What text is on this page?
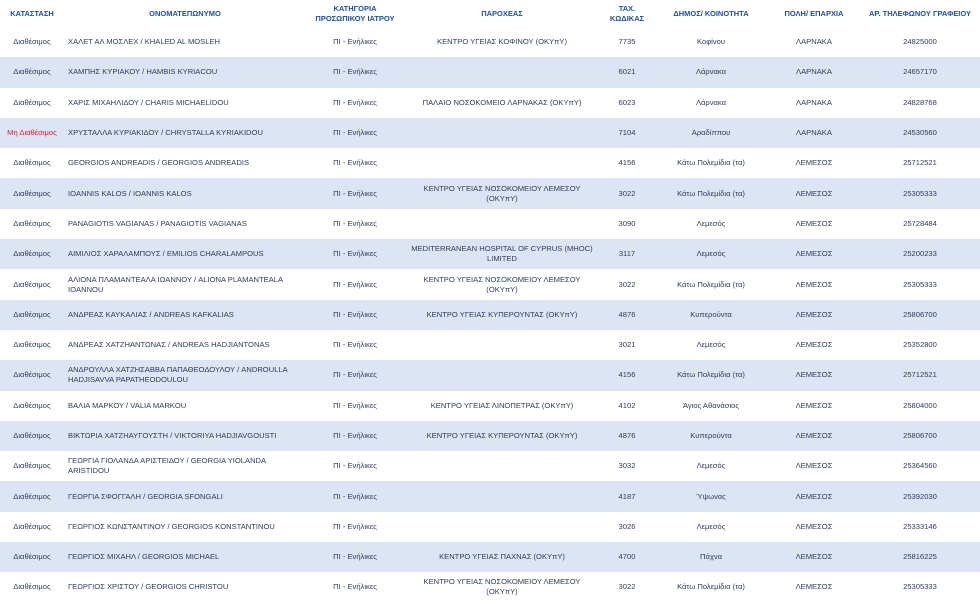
ΚΑΤΑΣΤΑΣΗ	ΟΝΟΜΑΤΕΠΩΝΥΜΟ	ΚΑΤΗΓΟΡΙΑ ΠΡΟΣΩΠΙΚΟΥ ΙΑΤΡΟΥ	ΠΑΡΟΧΕΑΣ	ΤΑΧ. ΚΩΔΙΚΑΣ	ΔΗΜΟΣ/ ΚΟΙΝΟΤΗΤΑ	ΠΟΛΗ/ ΕΠΑΡΧΙΑ	ΑΡ. ΤΗΛΕΦΩΝΟΥ ΓΡΑΦΕΙΟΥ
Διαθέσιμος	ΧΑΛΕΤ ΑΛ ΜΟΣΛΕΧ / KHALED AL MOSLEH	ΠΙ - Ενήλικες	ΚΕΝΤΡΟ ΥΓΕΙΑΣ ΚΟΦΙΝΟΥ (ΟΚΥπΥ)	7735	Κοφίνου	ΛΑΡΝΑΚΑ	24825000
Διαθέσιμος	ΧΑΜΠΗΣ ΚΥΡΙΑΚΟΥ / HAMBIS KYRIACOU	ΠΙ - Ενήλικες		6021	Λάρνακα	ΛΑΡΝΑΚΑ	24657170
Διαθέσιμος	ΧΑΡΙΣ ΜΙΧΑΗΛΙΔΟΥ / CHARIS MICHAELIDOU	ΠΙ - Ενήλικες	ΠΑΛΑΙΟ ΝΟΣΟΚΟΜΕΙΟ ΛΑΡΝΑΚΑΣ (ΟΚΥπΥ)	6023	Λάρνακα	ΛΑΡΝΑΚΑ	24828768
Μη Διαθέσιμος	ΧΡΥΣΤΑΛΛΑ ΚΥΡΙΑΚΙΔΟΥ / CHRYSTALLA KYRIAKIDOU	ΠΙ - Ενήλικες		7104	Αραδίππου	ΛΑΡΝΑΚΑ	24530560
Διαθέσιμος	GEORGIOS ANDREADIS / GEORGIOS ANDREADIS	ΠΙ - Ενήλικες		4156	Κάτω Πολεμίδια (τα)	ΛΕΜΕΣΟΣ	25712521
Διαθέσιμος	IOANNIS KALOS / IOANNIS KALOS	ΠΙ - Ενήλικες	ΚΕΝΤΡΟ ΥΓΕΙΑΣ ΝΟΣΟΚΟΜΕΙΟΥ ΛΕΜΕΣΟΥ (ΟΚΥπΥ)	3022	Κάτω Πολεμίδια (τα)	ΛΕΜΕΣΟΣ	25305333
Διαθέσιμος	PANAGIOTIS VAGIANAS / PANAGIOTIS VAGIANAS	ΠΙ - Ενήλικες		3090	Λεμεσός	ΛΕΜΕΣΟΣ	25728484
Διαθέσιμος	ΑΙΜΙΛΙΟΣ ΧΑΡΑΛΑΜΠΟΥΣ / EMILIOS CHARALAMPOUS	ΠΙ - Ενήλικες	MEDITERRANEAN HOSPITAL OF CYPRUS (MHOC) LIMITED	3117	Λεμεσός	ΛΕΜΕΣΟΣ	25200233
Διαθέσιμος	ΑΛΙΟΝΑ ΠΛΑΜΑΝΤΕΑΛΑ ΙΩΑΝΝΟΥ / ALIONA PLAMANTEALA IOANNOU	ΠΙ - Ενήλικες	ΚΕΝΤΡΟ ΥΓΕΙΑΣ ΝΟΣΟΚΟΜΕΙΟΥ ΛΕΜΕΣΟΥ (ΟΚΥπΥ)	3022	Κάτω Πολεμίδια (τα)	ΛΕΜΕΣΟΣ	25305333
Διαθέσιμος	ΑΝΔΡΕΑΣ ΚΑΥΚΑΛΙΑΣ / ANDREAS KAFKALIAS	ΠΙ - Ενήλικες	ΚΕΝΤΡΟ ΥΓΕΙΑΣ ΚΥΠΕΡΟΥΝΤΑΣ (ΟΚΥπΥ)	4876	Κυπερούντα	ΛΕΜΕΣΟΣ	25806700
Διαθέσιμος	ΑΝΔΡΕΑΣ ΧΑΤΖΗΑΝΤΩΝΑΣ / ANDREAS HADJIANTONAS	ΠΙ - Ενήλικες		3021	Λεμεσός	ΛΕΜΕΣΟΣ	25352800
Διαθέσιμος	ΑΝΔΡΟΥΛΛΑ ΧΑΤΖΗΣΑΒΒΑ ΠΑΠΑΘΕΟΔΟΥΛΟΥ / ANDROULLA HADJISAVVA PAPATHEODOULOU	ΠΙ - Ενήλικες		4156	Κάτω Πολεμίδια (τα)	ΛΕΜΕΣΟΣ	25712521
Διαθέσιμος	ΒΑΛΙΑ ΜΑΡΚΟΥ / VALIA MARKOU	ΠΙ - Ενήλικες	ΚΕΝΤΡΟ ΥΓΕΙΑΣ ΛΙΝΟΠΕΤΡΑΣ (ΟΚΥπΥ)	4102	Άγιος Αθανάσιος	ΛΕΜΕΣΟΣ	25804000
Διαθέσιμος	ΒΙΚΤΩΡΙΑ ΧΑΤΖΗΑΥΓΟΥΣΤΗ / VIKTORIYA HADJIAVGOUSTI	ΠΙ - Ενήλικες	ΚΕΝΤΡΟ ΥΓΕΙΑΣ ΚΥΠΕΡΟΥΝΤΑΣ (ΟΚΥπΥ)	4876	Κυπερούντα	ΛΕΜΕΣΟΣ	25806700
Διαθέσιμος	ΓΕΩΡΓΙΑ ΓΙΟΛΑΝΔΑ ΑΡΙΣΤΕΙΔΟΥ / GEORGIA YIOLANDA ARISTIDOU	ΠΙ - Ενήλικες		3032	Λεμεσός	ΛΕΜΕΣΟΣ	25364560
Διαθέσιμος	ΓΕΩΡΓΙΑ ΣΦΟΓΓΑΛΗ / GEORGIA SFONGALI	ΠΙ - Ενήλικες		4187	Ύψωνας	ΛΕΜΕΣΟΣ	25392030
Διαθέσιμος	ΓΕΩΡΓΙΟΣ ΚΩΝΣΤΑΝΤΙΝΟΥ / GEORGIOS KONSTANTINOU	ΠΙ - Ενήλικες		3026	Λεμεσός	ΛΕΜΕΣΟΣ	25333146
Διαθέσιμος	ΓΕΩΡΓΙΟΣ ΜΙΧΑΗΛ / GEORGIOS MICHAEL	ΠΙ - Ενήλικες	ΚΕΝΤΡΟ ΥΓΕΙΑΣ ΠΑΧΝΑΣ (ΟΚΥπΥ)	4700	Πάχνα	ΛΕΜΕΣΟΣ	25816225
Διαθέσιμος	ΓΕΩΡΓΙΟΣ ΧΡΙΣΤΟΥ / GEORGIOS CHRISTOU	ΠΙ - Ενήλικες	ΚΕΝΤΡΟ ΥΓΕΙΑΣ ΝΟΣΟΚΟΜΕΙΟΥ ΛΕΜΕΣΟΥ (ΟΚΥπΥ)	3022	Κάτω Πολεμίδια (τα)	ΛΕΜΕΣΟΣ	25305333
